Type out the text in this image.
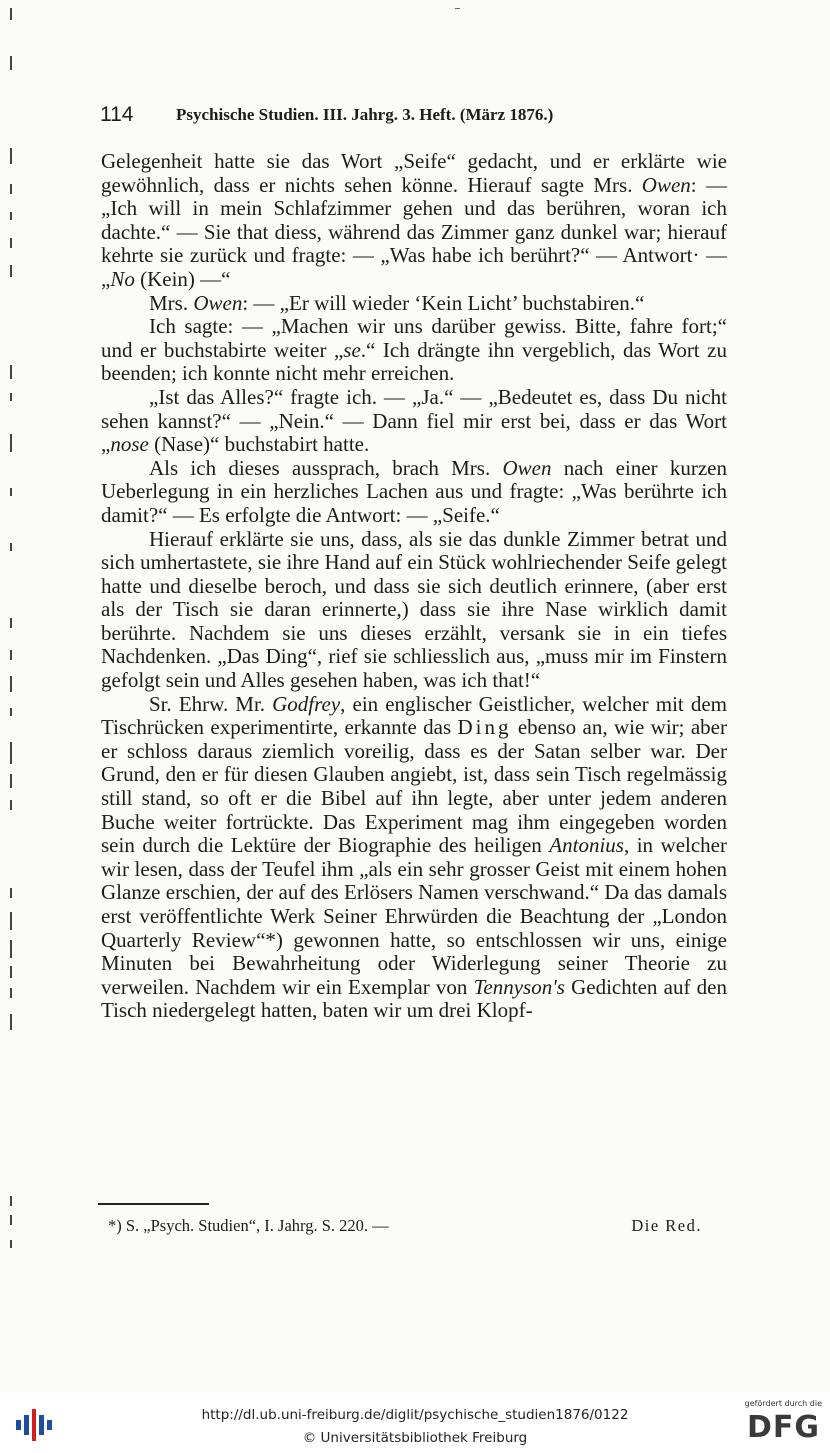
114	Psychische Studien. III. Jahrg. 3. Heft. (März 1876.)

Gelegenheit hatte sie das Wort „Seife“ gedacht, und er erklärte wie gewöhnlich, dass er nichts sehen könne. Hierauf sagte Mrs. Owen: — „Ich will in mein Schlafzimmer gehen und das berühren, woran ich dachte.“ — Sie that diess, während das Zimmer ganz dunkel war; hierauf kehrte sie zurück und fragte: — „Was habe ich berührt?“ — Antwort· — „No (Kein) —“

Mrs. Owen: — „Er will wieder ‘Kein Licht’ buchstabiren.“

Ich sagte: — „Machen wir uns darüber gewiss. Bitte, fahre fort;“ und er buchstabirte weiter „se.“ Ich drängte ihn vergeblich, das Wort zu beenden; ich konnte nicht mehr erreichen.

„Ist das Alles?“ fragte ich. — „Ja.“ — „Bedeutet es, dass Du nicht sehen kannst?“ — „Nein.“ — Dann fiel mir erst bei, dass er das Wort „nose (Nase)“ buchstabirt hatte.

Als ich dieses aussprach, brach Mrs. Owen nach einer kurzen Ueberlegung in ein herzliches Lachen aus und fragte: „Was berührte ich damit?“ — Es erfolgte die Antwort: — „Seife.“

Hierauf erklärte sie uns, dass, als sie das dunkle Zimmer betrat und sich umhertastete, sie ihre Hand auf ein Stück wohlriechender Seife gelegt hatte und dieselbe beroch, und dass sie sich deutlich erinnere, (aber erst als der Tisch sie daran erinnerte,) dass sie ihre Nase wirklich damit berührte. Nachdem sie uns dieses erzählt, versank sie in ein tiefes Nachdenken. „Das Ding“, rief sie schliesslich aus, „muss mir im Finstern gefolgt sein und Alles gesehen haben, was ich that!“

Sr. Ehrw. Mr. Godfrey, ein englischer Geistlicher, welcher mit dem Tischrücken experimentirte, erkannte das Ding ebenso an, wie wir; aber er schloss daraus ziemlich voreilig, dass es der Satan selber war. Der Grund, den er für diesen Glauben angiebt, ist, dass sein Tisch regelmässig still stand, so oft er die Bibel auf ihn legte, aber unter jedem anderen Buche weiter fortrückte. Das Experiment mag ihm eingegeben worden sein durch die Lektüre der Biographie des heiligen Antonius, in welcher wir lesen, dass der Teufel ihm „als ein sehr grosser Geist mit einem hohen Glanze erschien, der auf des Erlösers Namen verschwand.“ Da das damals erst veröffentlichte Werk Seiner Ehrwürden die Beachtung der „London Quarterly Review“*) gewonnen hatte, so entschlossen wir uns, einige Minuten bei Bewahrheitung oder Widerlegung seiner Theorie zu verweilen. Nachdem wir ein Exemplar von Tennyson's Gedichten auf den Tisch niedergelegt hatten, baten wir um drei Klopf-

*) S. „Psych. Studien“, I. Jahrg. S. 220. —	Die Red.
http://dl.ub.uni-freiburg.de/diglit/psychische_studien1876/0122
© Universitätsbibliothek Freiburg
gefördert durch die
DFG
